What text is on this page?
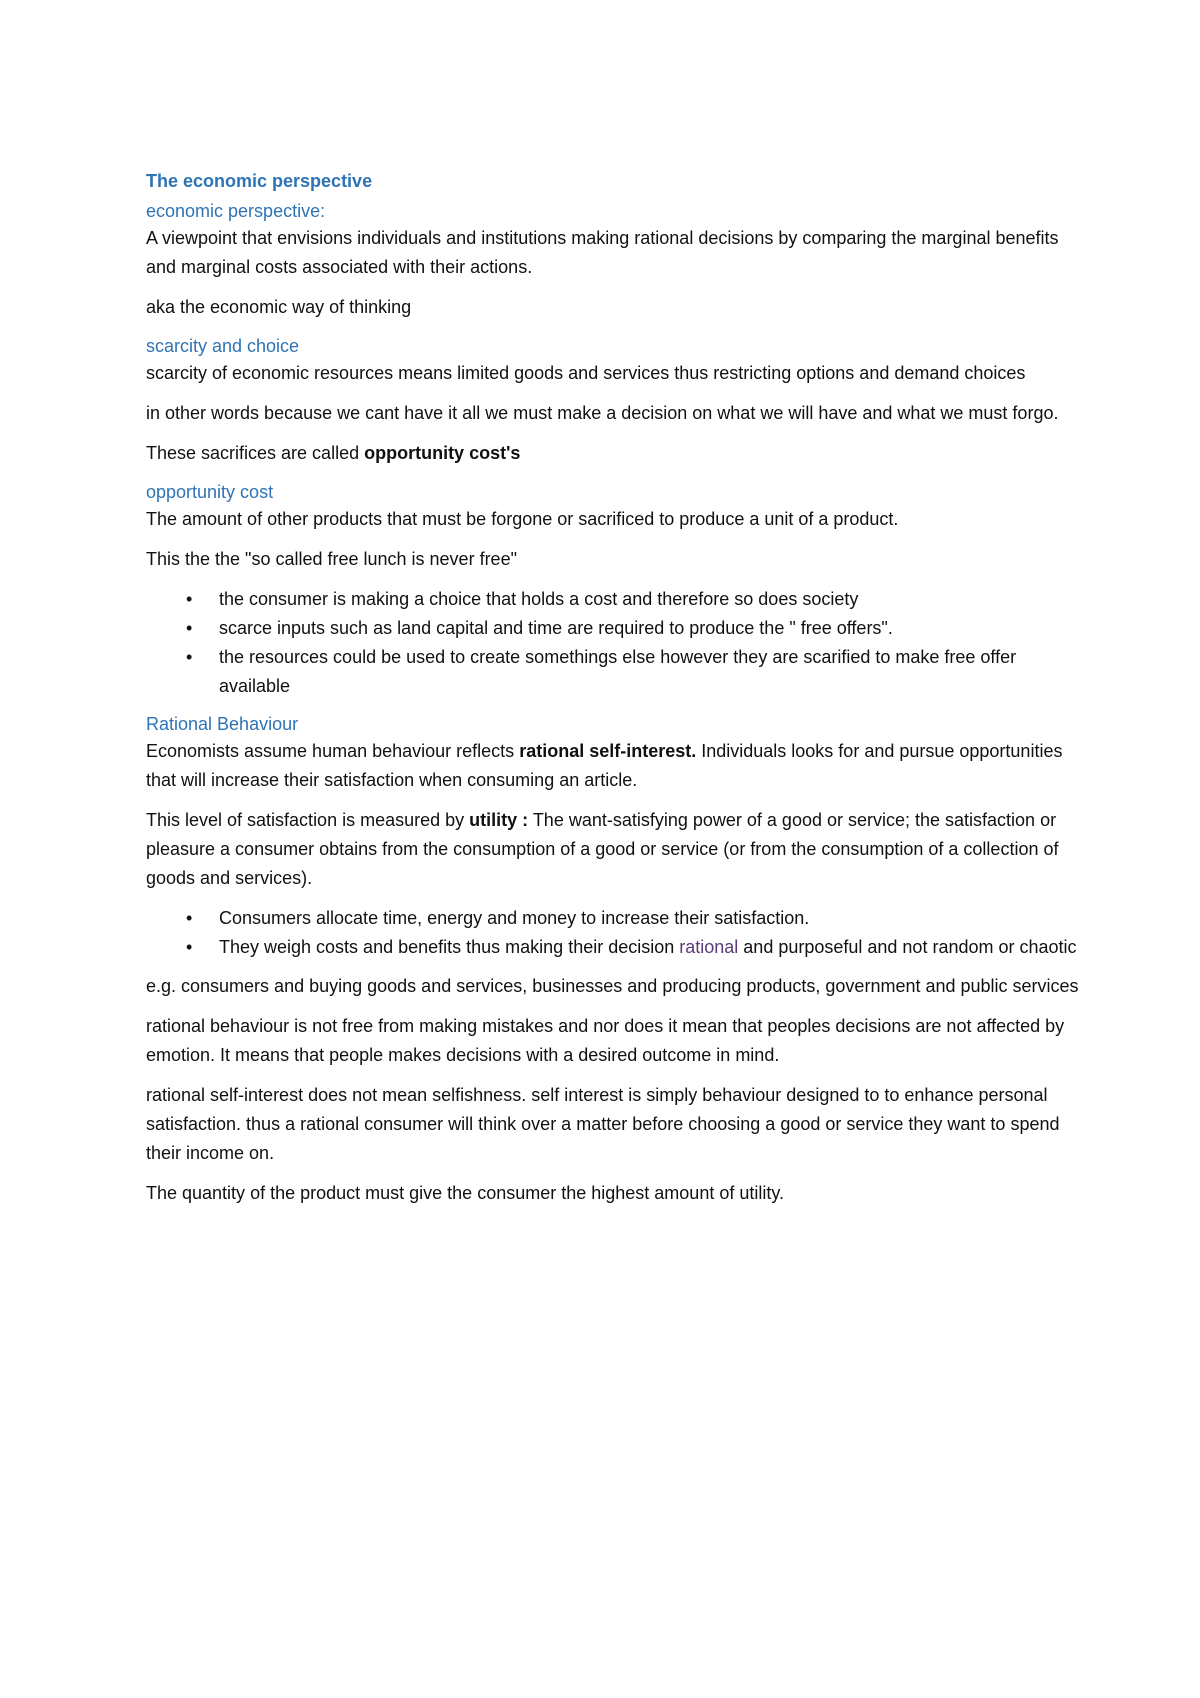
The economic perspective
economic perspective:

A viewpoint that envisions individuals and institutions making rational decisions by comparing the marginal benefits and marginal costs associated with their actions.

aka the economic way of thinking

scarcity and choice

scarcity of economic resources means limited goods and services thus restricting options and demand choices

in other words because we cant have it all we must make a decision on what we will have and what we must forgo.

These sacrifices are called opportunity cost's

opportunity cost

The amount of other products that must be forgone or sacrificed to produce a unit of a product.

This the the "so called free lunch is never free"

• the consumer is making a choice that holds a cost and therefore so does society
• scarce inputs such as land capital and time are required to produce the " free offers".
• the resources could be used to create somethings else however they are scarified to make free offer available
Rational Behaviour

Economists assume human behaviour reflects rational self-interest. Individuals looks for and pursue opportunities that will increase their satisfaction when consuming an article.

This level of satisfaction is measured by utility : The want-satisfying power of a good or service; the satisfaction or pleasure a consumer obtains from the consumption of a good or service (or from the consumption of a collection of goods and services).

• Consumers allocate time, energy and money to increase their satisfaction.
• They weigh costs and benefits thus making their decision rational and purposeful and not random or chaotic

e.g. consumers and buying goods and services, businesses and producing products, government and public services

rational behaviour is not free from making mistakes and nor does it mean that peoples decisions are not affected by emotion. It means that people makes decisions with a desired outcome in mind.

rational self-interest does not mean selfishness. self interest is simply behaviour designed to to enhance personal satisfaction. thus a rational consumer will think over a matter before choosing a good or service they want to spend their income on.

The quantity of the product must give the consumer the highest amount of utility.
